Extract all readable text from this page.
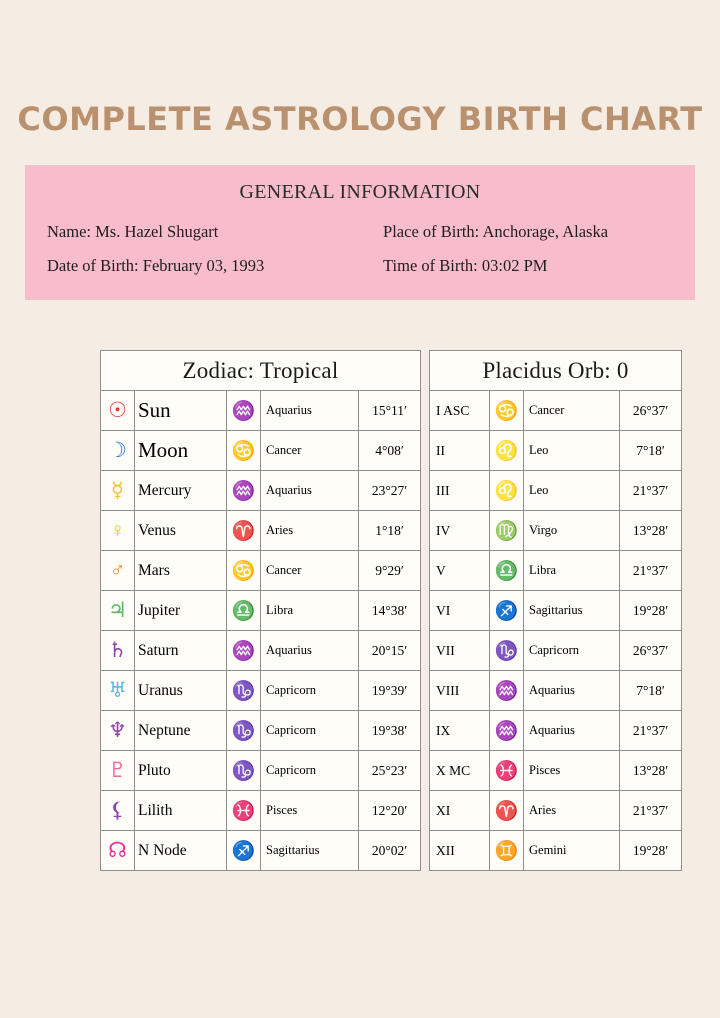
COMPLETE ASTROLOGY BIRTH CHART
GENERAL INFORMATION
Name: Ms. Hazel Shugart	Place of Birth: Anchorage, Alaska
Date of Birth: February 03, 1993	Time of Birth: 03:02 PM
Zodiac: Tropical				
☉	Sun	♒	Aquarius	15°11′
☽	Moon	♋	Cancer	4°08′
☿	Mercury	♒	Aquarius	23°27′
♀	Venus	♈	Aries	1°18′
♂	Mars	♋	Cancer	9°29′
♃	Jupiter	♎	Libra	14°38′
♄	Saturn	♒	Aquarius	20°15′
♅	Uranus	♑	Capricorn	19°39′
♆	Neptune	♑	Capricorn	19°38′
♇	Pluto	♑	Capricorn	25°23′
⚸	Lilith	♓	Pisces	12°20′
☊	N Node	♐	Sagittarius	20°02′
Placidus Orb: 0			
I ASC	♋	Cancer	26°37′
II	♌	Leo	7°18′
III	♌	Leo	21°37′
IV	♍	Virgo	13°28′
V	♎	Libra	21°37′
VI	♐	Sagittarius	19°28′
VII	♑	Capricorn	26°37′
VIII	♒	Aquarius	7°18′
IX	♒	Aquarius	21°37′
X MC	♓	Pisces	13°28′
XI	♈	Aries	21°37′
XII	♊	Gemini	19°28′
